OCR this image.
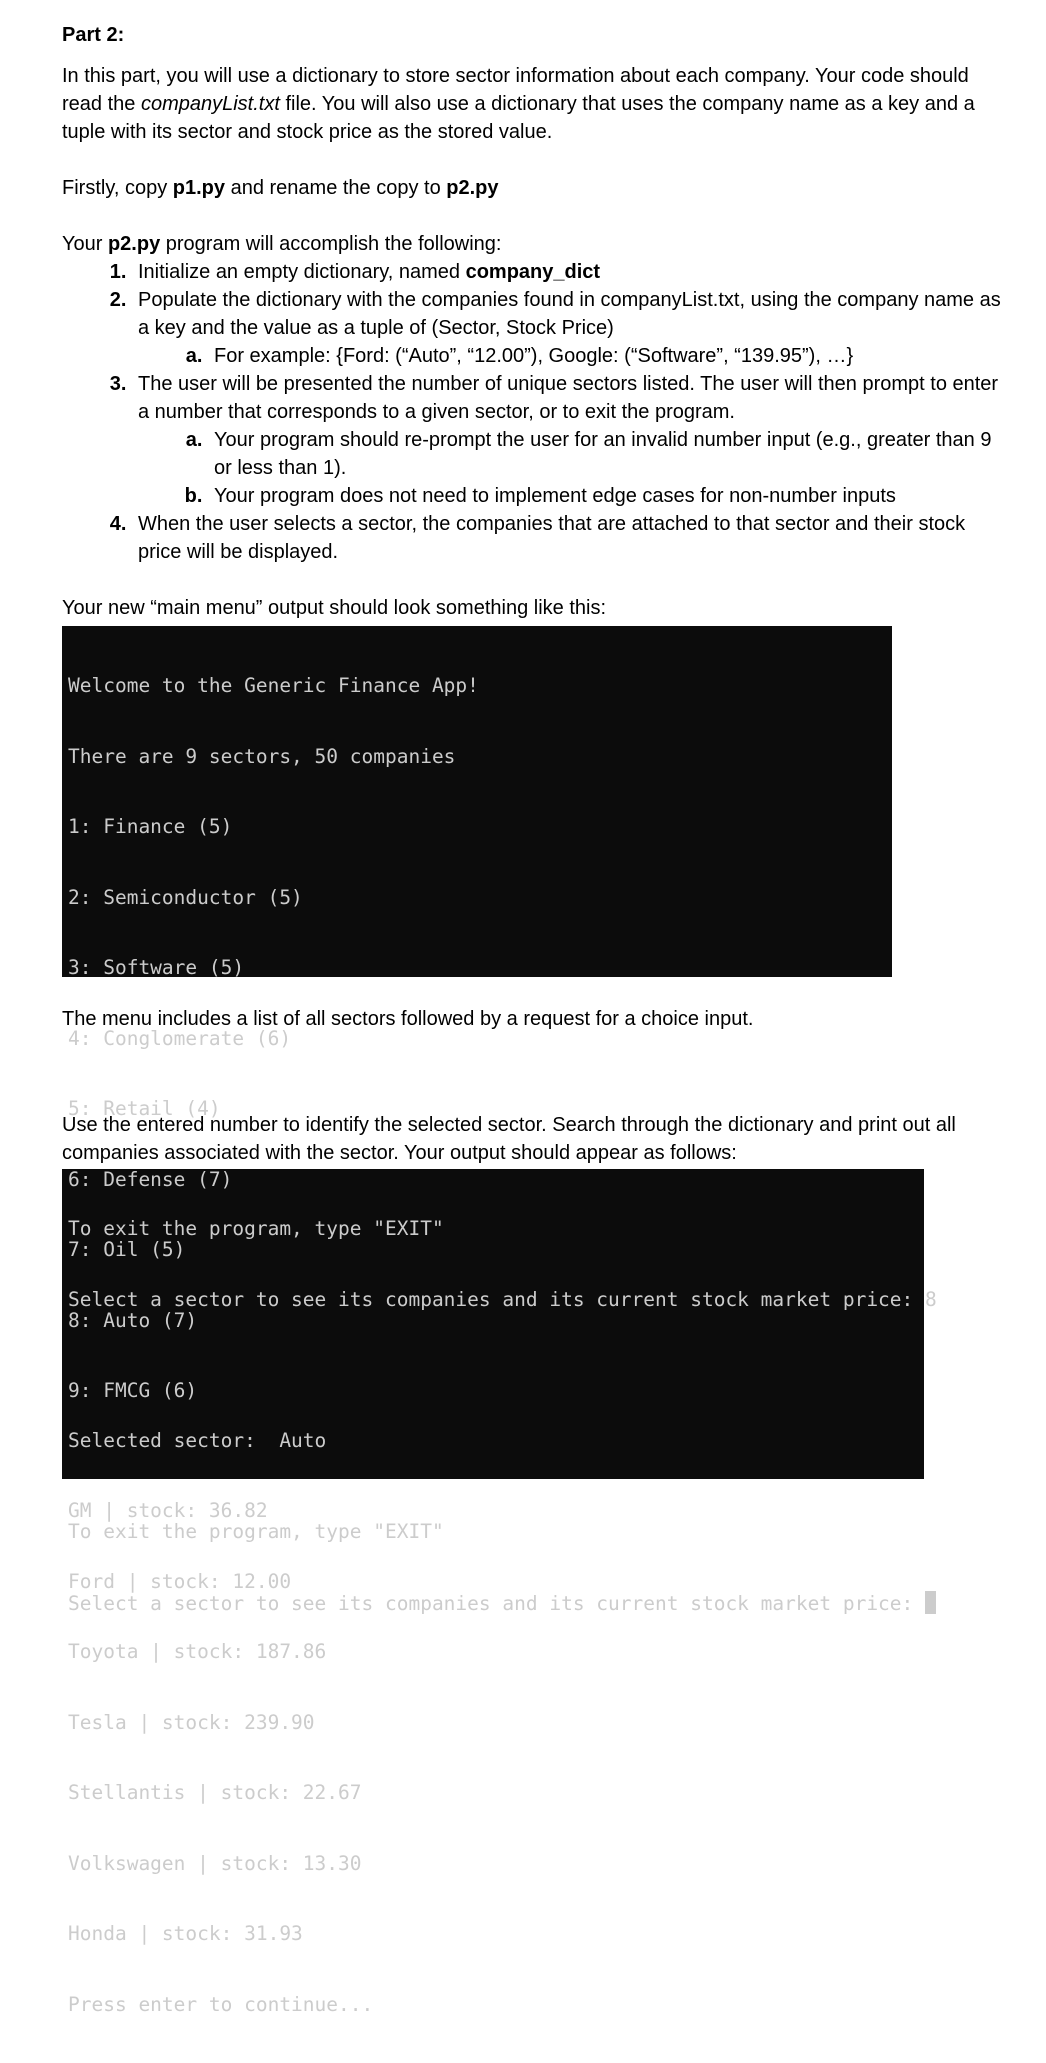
Part 2:

In this part, you will use a dictionary to store sector information about each company. Your code should read the companyList.txt file. You will also use a dictionary that uses the company name as a key and a tuple with its sector and stock price as the stored value.

Firstly, copy p1.py and rename the copy to p2.py

Your p2.py program will accomplish the following:

1. Initialize an empty dictionary, named company_dict
2. Populate the dictionary with the companies found in companyList.txt, using the company name as a key and the value as a tuple of (Sector, Stock Price)
a. For example: {Ford: (“Auto”, “12.00”), Google: (“Software”, “139.95”), …}
3. The user will be presented the number of unique sectors listed. The user will then prompt to enter a number that corresponds to a given sector, or to exit the program.
a. Your program should re-prompt the user for an invalid number input (e.g., greater than 9 or less than 1).
b. Your program does not need to implement edge cases for non-number inputs
4. When the user selects a sector, the companies that are attached to that sector and their stock price will be displayed.

Your new “main menu” output should look something like this:

Welcome to the Generic Finance App!

There are 9 sectors, 50 companies

1: Finance (5)

2: Semiconductor (5)

3: Software (5)

4: Conglomerate (6)

5: Retail (4)

6: Defense (7)

7: Oil (5)

8: Auto (7)

9: FMCG (6)

To exit the program, type "EXIT"

Select a sector to see its companies and its current stock market price:

The menu includes a list of all sectors followed by a request for a choice input.

Use the entered number to identify the selected sector. Search through the dictionary and print out all companies associated with the sector. Your output should appear as follows:

To exit the program, type "EXIT"

Select a sector to see its companies and its current stock market price: 8

Selected sector:  Auto

GM | stock: 36.82

Ford | stock: 12.00

Toyota | stock: 187.86

Tesla | stock: 239.90

Stellantis | stock: 22.67

Volkswagen | stock: 13.30

Honda | stock: 31.93

Press enter to continue...
